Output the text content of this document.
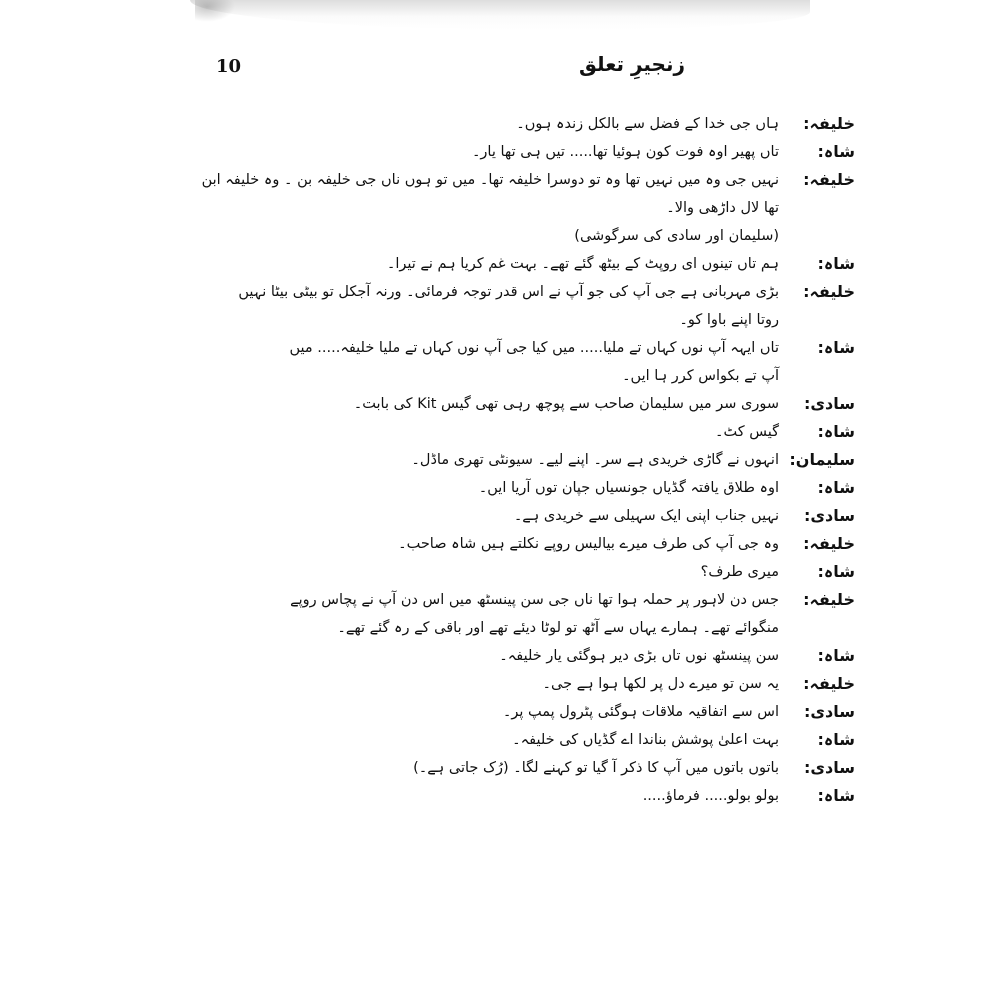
10	زنجیرِ تعلق
خلیفہ:
ہاں جی خدا کے فضل سے بالکل زندہ ہوں۔
شاہ:
تاں پھیر اوہ فوت کون ہوئیا تھا..... تیں ہی تھا یار۔
خلیفہ:
نہیں جی وہ میں نہیں تھا وہ تو دوسرا خلیفہ تھا۔ میں تو ہوں ناں جی خلیفہ بن ۔ وہ خلیفہ ابن
تھا لال داڑھی والا۔
(سلیمان اور سادی کی سرگوشی)
شاہ:
ہم تاں تینوں ای روپٹ کے بیٹھ گئے تھے۔ بہت غم کریا ہم نے تیرا۔
خلیفہ:
بڑی مہربانی ہے جی آپ کی جو آپ نے اس قدر توجہ فرمائی۔ ورنہ آجکل تو بیٹی بیٹا نہیں
روتا اپنے باوا کو۔
شاہ:
تاں ایہہ آپ نوں کہاں تے ملیا..... میں کیا جی آپ نوں کہاں تے ملیا خلیفہ..... میں
آپ تے بکواس کرر ہا ایں۔
سادی:
سوری سر میں سلیمان صاحب سے پوچھ رہی تھی گیس Kit کی بابت۔
شاہ:
گیس کٹ۔
سلیمان:
انہوں نے گاڑی خریدی ہے سر۔ اپنے لیے۔ سیونٹی تھری ماڈل۔
شاہ:
اوہ طلاق یافتہ گڈیاں جونسیاں جپان توں آریا ایں۔
سادی:
نہیں جناب اپنی ایک سہیلی سے خریدی ہے۔
خلیفہ:
وہ جی آپ کی طرف میرے بیالیس روپے نکلتے ہیں شاہ صاحب۔
شاہ:
میری طرف؟
خلیفہ:
جس دن لاہور پر حملہ ہوا تھا ناں جی سن پینسٹھ میں اس دن آپ نے پچاس روپے
منگوائے تھے۔ ہمارے یہاں سے آٹھ تو لوٹا دیئے تھے اور باقی کے رہ گئے تھے۔
شاہ:
سن پینسٹھ نوں تاں بڑی دیر ہوگئی یار خلیفہ۔
خلیفہ:
یہ سن تو میرے دل پر لکھا ہوا ہے جی۔
سادی:
اس سے اتفاقیہ ملاقات ہوگئی پٹرول پمپ پر۔
شاہ:
بہت اعلیٰ پوشش بناندا اے گڈیاں کی خلیفہ۔
سادی:
باتوں باتوں میں آپ کا ذکر آ گیا تو کہنے لگا۔ (رُک جاتی ہے۔)
شاہ:
بولو بولو..... فرماؤ.....
